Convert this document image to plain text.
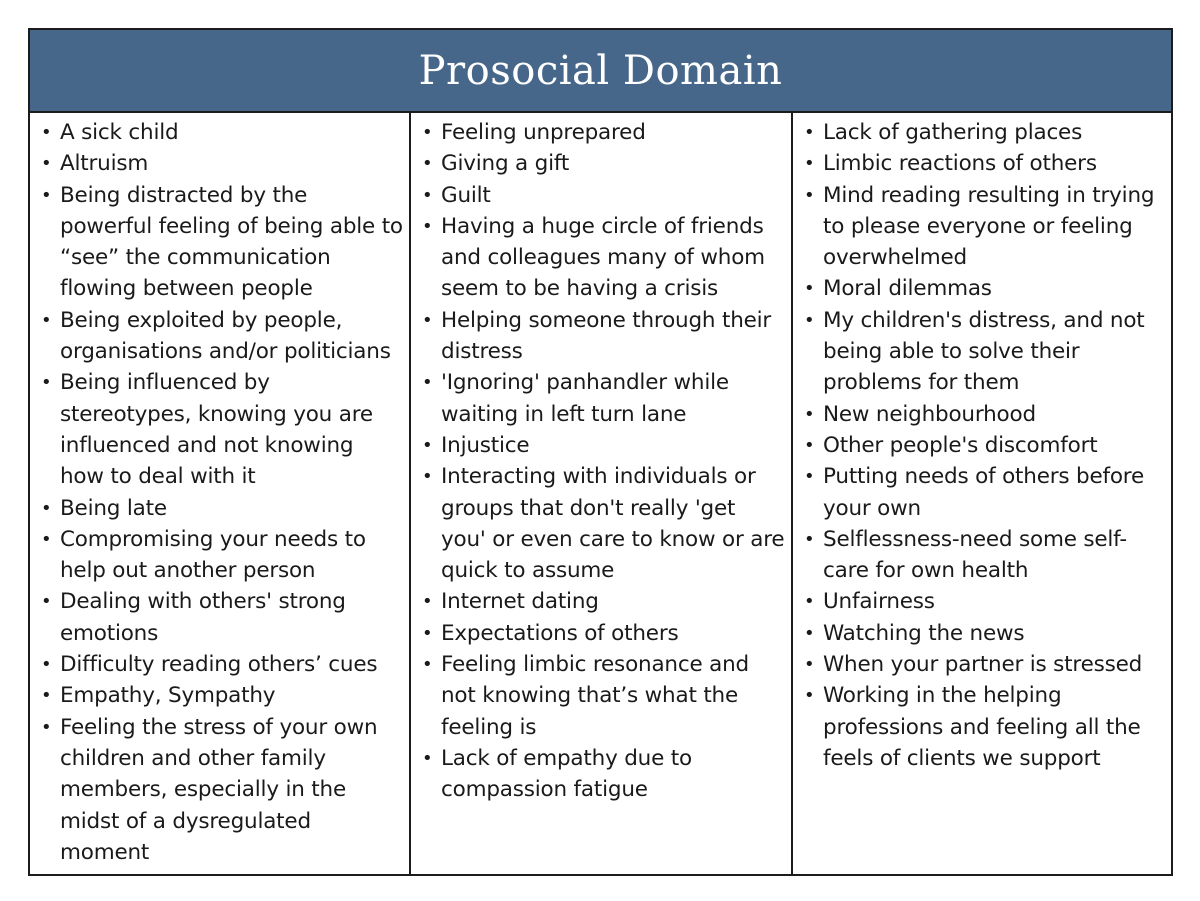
Prosocial Domain
• A sick child
• Altruism
• Being distracted by the powerful feeling of being able to “see” the communication flowing between people
• Being exploited by people, organisations and/or politicians
• Being influenced by stereotypes, knowing you are influenced and not knowing how to deal with it
• Being late
• Compromising your needs to help out another person
• Dealing with others' strong emotions
• Difficulty reading others’ cues
• Empathy, Sympathy
• Feeling the stress of your own children and other family members, especially in the midst of a dysregulated moment
• Feeling unprepared
• Giving a gift
• Guilt
• Having a huge circle of friends and colleagues many of whom seem to be having a crisis
• Helping someone through their distress
• 'Ignoring' panhandler while waiting in left turn lane
• Injustice
• Interacting with individuals or groups that don't really 'get you' or even care to know or are quick to assume
• Internet dating
• Expectations of others
• Feeling limbic resonance and not knowing that’s what the feeling is
• Lack of empathy due to compassion fatigue
• Lack of gathering places
• Limbic reactions of others
• Mind reading resulting in trying to please everyone or feeling overwhelmed
• Moral dilemmas
• My children's distress, and not being able to solve their problems for them
• New neighbourhood
• Other people's discomfort
• Putting needs of others before your own
• Selflessness-need some self-care for own health
• Unfairness
• Watching the news
• When your partner is stressed
• Working in the helping professions and feeling all the feels of clients we support
